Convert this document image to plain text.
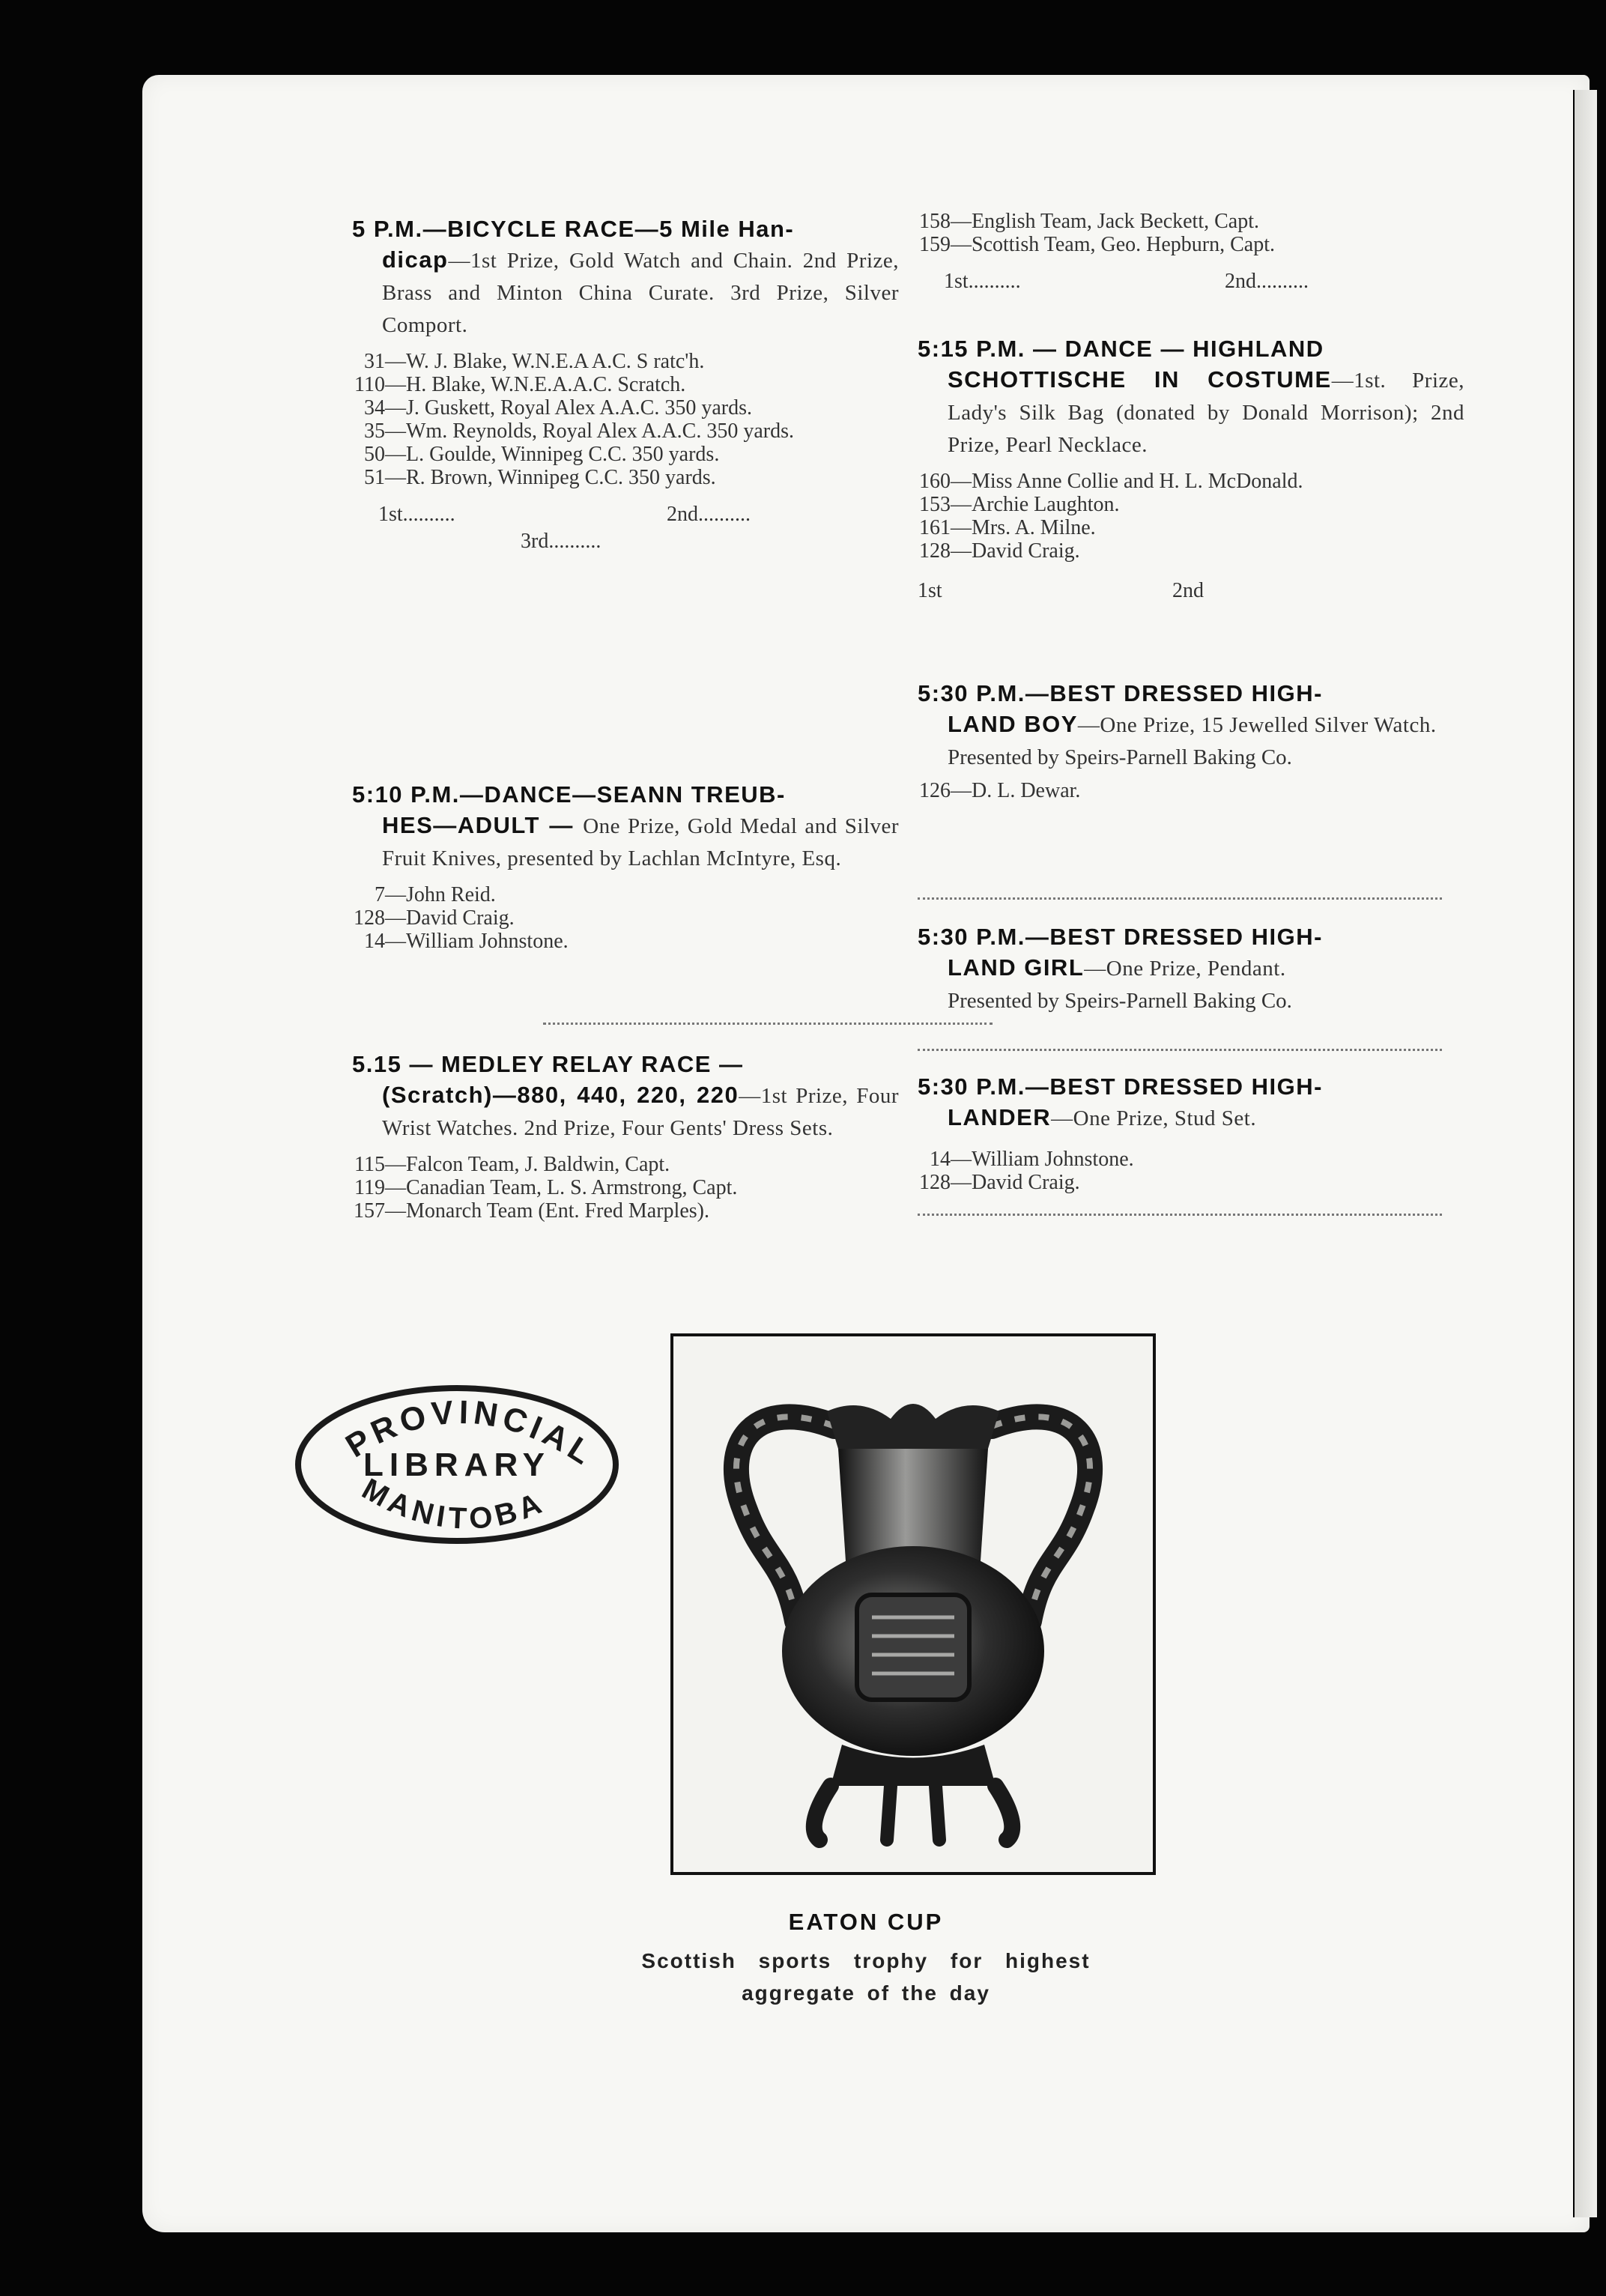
5 P.M.—BICYCLE RACE—5 Mile Han-
dicap—1st Prize, Gold Watch and Chain. 2nd Prize, Brass and Minton China Curate. 3rd Prize, Silver Comport.
31—W. J. Blake, W.N.E.A A.C. S ratc'h.
110—H. Blake, W.N.E.A.A.C. Scratch.
34—J. Guskett, Royal Alex A.A.C. 350 yards.
35—Wm. Reynolds, Royal Alex A.A.C. 350 yards.
50—L. Goulde, Winnipeg C.C. 350 yards.
51—R. Brown, Winnipeg C.C. 350 yards.
1st..........	2nd..........
3rd..........
5:10 P.M.—DANCE—SEANN TREUB-
HES—ADULT — One Prize, Gold Medal and Silver Fruit Knives, presented by Lachlan McIntyre, Esq.
7—John Reid.
128—David Craig.
14—William Johnstone.
5.15 — MEDLEY RELAY RACE —
(Scratch)—880, 440, 220, 220—1st Prize, Four Wrist Watches. 2nd Prize, Four Gents' Dress Sets.
115—Falcon Team, J. Baldwin, Capt.
119—Canadian Team, L. S. Armstrong, Capt.
157—Monarch Team (Ent. Fred Marples).
158—English Team, Jack Beckett, Capt.
159—Scottish Team, Geo. Hepburn, Capt.
1st..........	2nd..........
5:15 P.M. — DANCE — HIGHLAND
SCHOTTISCHE IN COSTUME—1st. Prize, Lady's Silk Bag (donated by Donald Morrison); 2nd Prize, Pearl Necklace.
160—Miss Anne Collie and H. L. McDonald.
153—Archie Laughton.
161—Mrs. A. Milne.
128—David Craig.
1st	2nd
5:30 P.M.—BEST DRESSED HIGH-
LAND BOY—One Prize, 15 Jewelled Silver Watch.
Presented by Speirs-Parnell Baking Co.
126—D. L. Dewar.
5:30 P.M.—BEST DRESSED HIGH-
LAND GIRL—One Prize, Pendant.
Presented by Speirs-Parnell Baking Co.
5:30 P.M.—BEST DRESSED HIGH-
LANDER—One Prize, Stud Set.
14—William Johnstone.
128—David Craig.
PROVINCIAL
LIBRARY
MANITOBA
EATON CUP
Scottish sports trophy for highest
aggregate of the day
